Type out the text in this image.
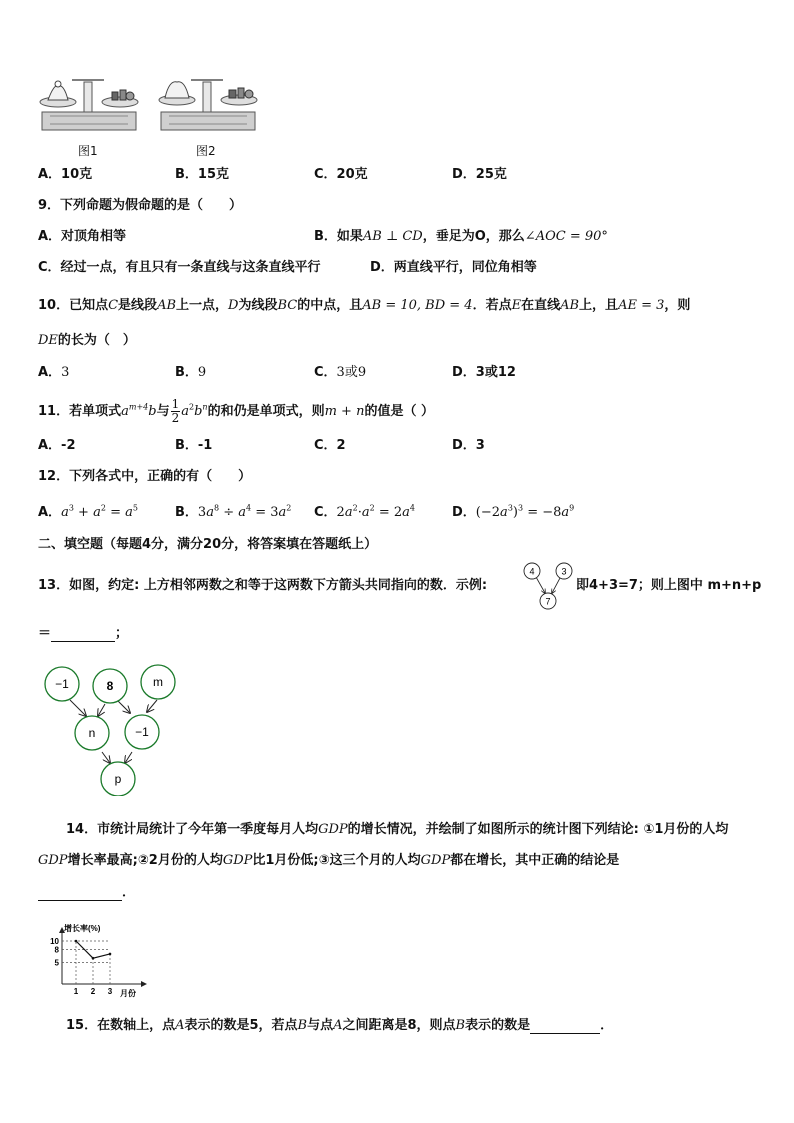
图1	图2
A．10克	B．15克	C．20克	D．25克
9．下列命题为假命题的是（　　）
A．对顶角相等	B．如果AB ⊥ CD，垂足为O，那么∠AOC = 90°
C．经过一点，有且只有一条直线与这条直线平行	D．两直线平行，同位角相等
10．已知点C是线段AB上一点，D为线段BC的中点，且AB = 10, BD = 4．若点E在直线AB上，且AE = 3，则
DE的长为（　）
A．3	B．9	C．3或9	D．3或12
11．若单项式$a^{m+4}b$与 $\frac{1}{2} a^2b^n$的和仍是单项式，则m + n的值是（ ）
A．-2	B．-1	C．2	D．3
12．下列各式中，正确的有（　　）
A．$a^3 + a^2 = a^5$	B．$3a^8 \div a^4 = 3a^2$ C．$2a^2\cdot a^2 = 2a^4$	D．$(-2a^3)^3 = -8a^9$
二、填空题（每题4分，满分20分，将答案填在答题纸上）
13．如图，约定: 上方相邻两数之和等于这两数下方箭头共同指向的数．示例:
4	3
7
即4+3=7；则上图中 m+n+p
＝	；
−1	8	m
n	−1
p
14．市统计局统计了今年第一季度每月人均GDP的增长情况，并绘制了如图所示的统计图下列结论: ①1月份的人均
GDP增长率最高;②2月份的人均GDP比1月份低;③这三个月的人均GDP都在增长，其中正确的结论是
．
增长率(%)
月份
5
8
10
1 2 3
15．在数轴上，点A表示的数是5，若点B与点A之间距离是8，则点B表示的数是	．
